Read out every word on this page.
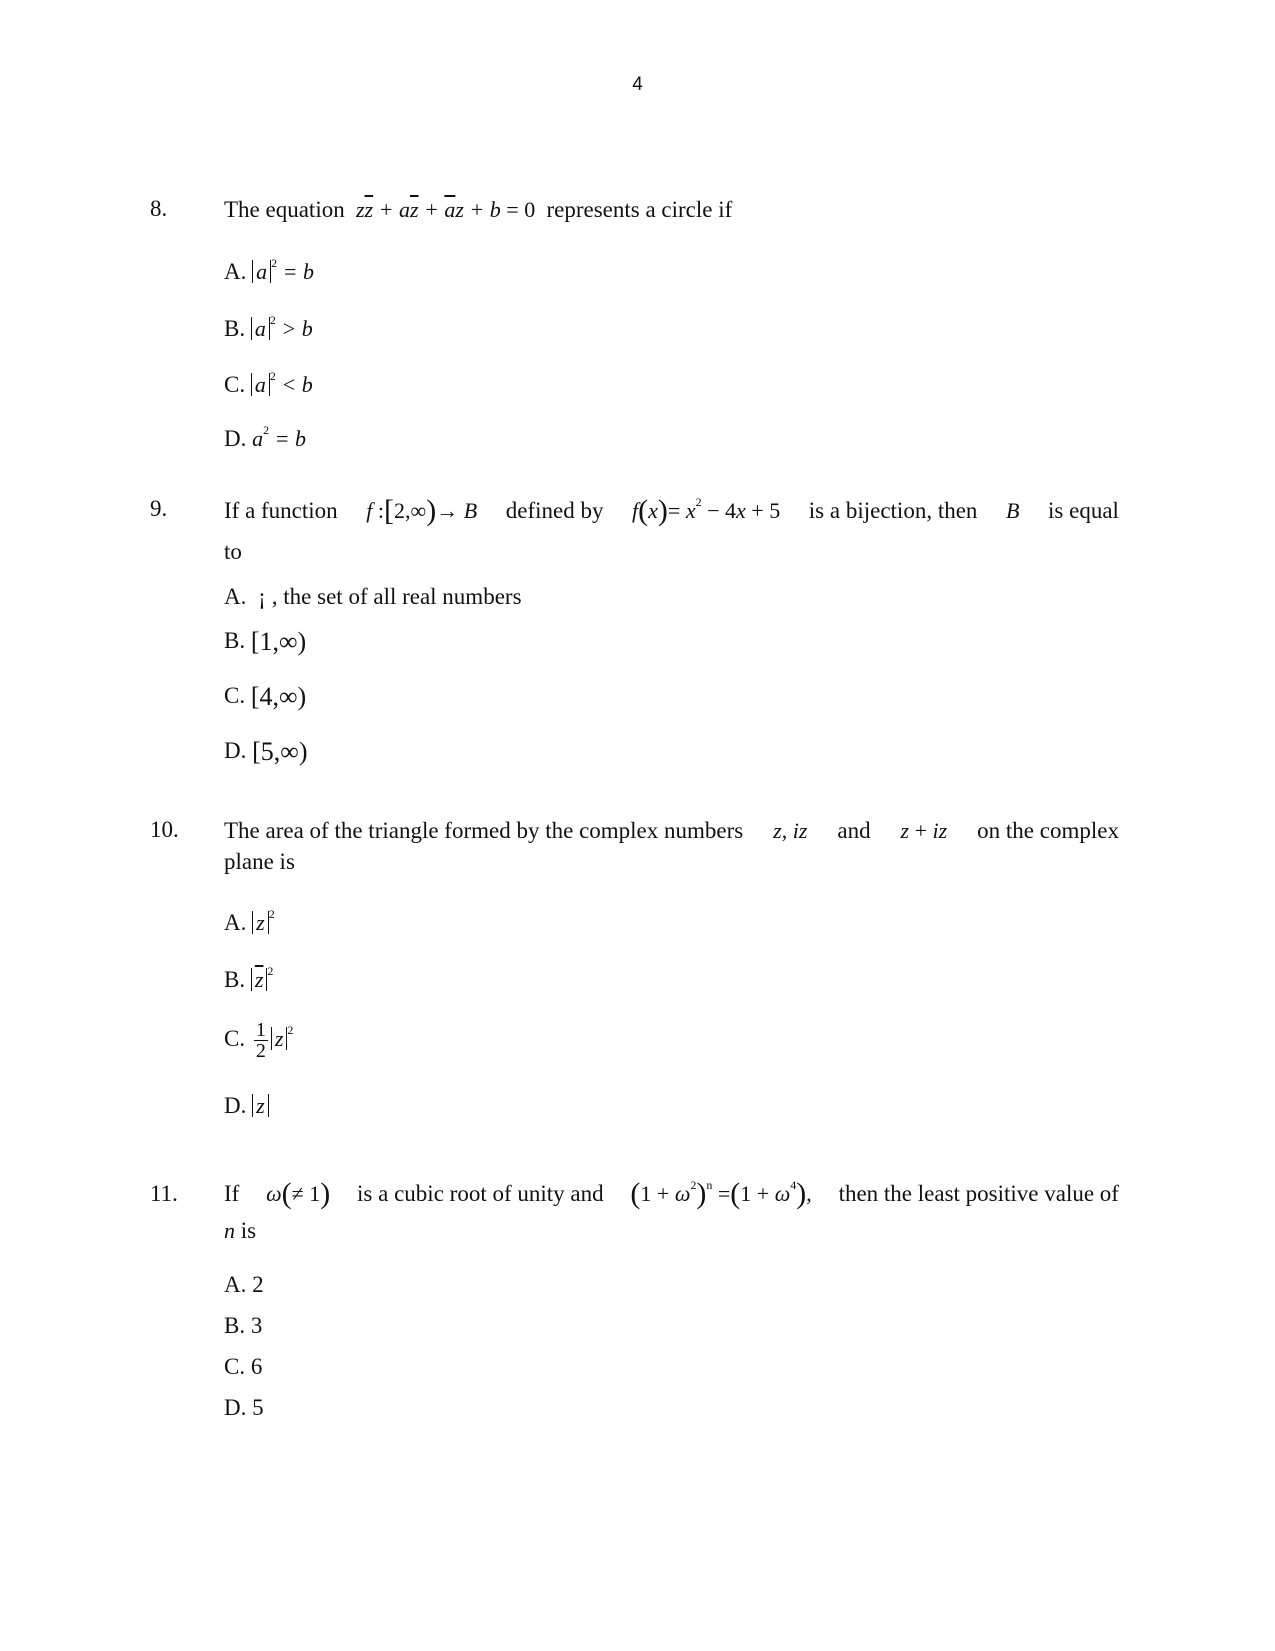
4
8. The equation  $z\overline{z} + a\overline{z} + \overline{a}z + b = 0$ represents a circle if
A. a $^2$ = b
B. a $^2$ > b
C. a $^2$ < b
D. $a^2 = b$
9. If a function f :[2,∞)→ B defined by $f(x)= x^2 - 4x + 5$ is a bijection, then B is equal
to
A. ¡ , the set of all real numbers
B. [1,∞)
C. [4,∞)
D. [5,∞)
10. The area of the triangle formed by the complex numbers z, iz and z + iz on the complex
plane is
A. z $^2$
B. $\overline{z}$ $^2$
C. $\frac{1}{2}$ z $^2$
D. z
11. If ω(≠ 1) is a cubic root of unity and $(1 + \omega^2)^n =(1 + \omega^4)$, then the least positive value of
n is
A. 2
B. 3
C. 6
D. 5
